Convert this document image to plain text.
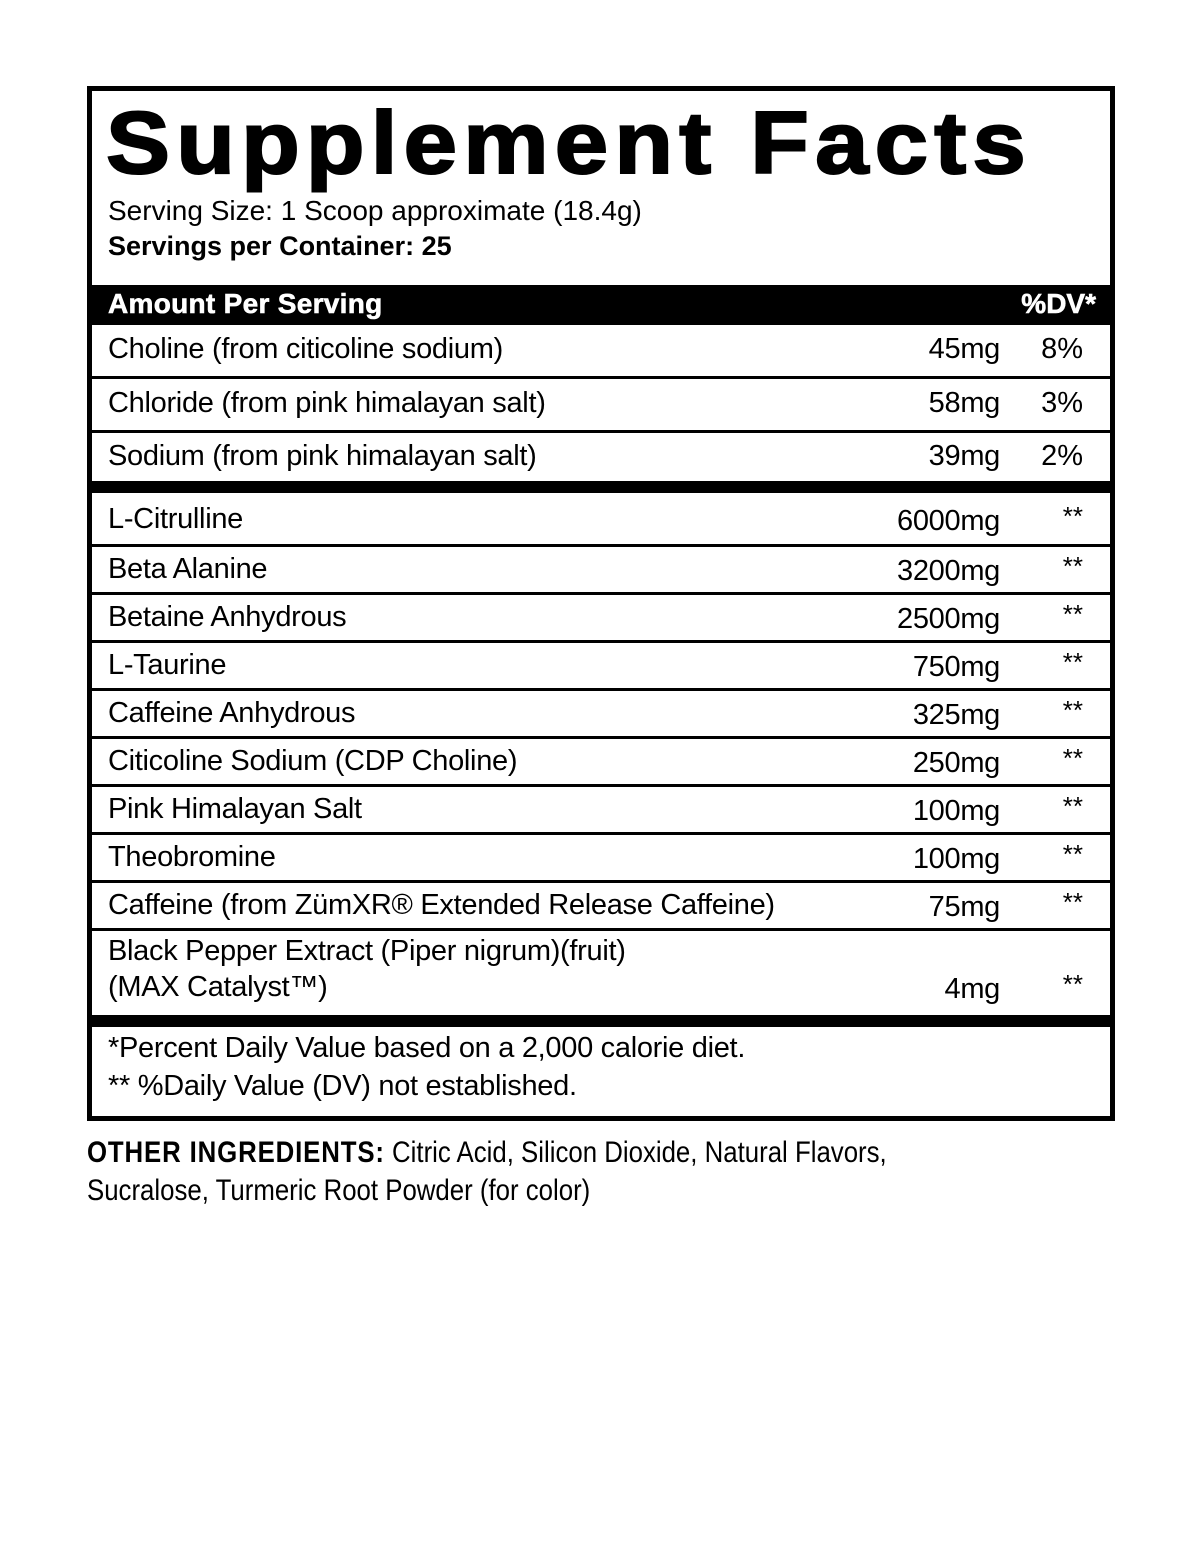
Supplement Facts
Serving Size: 1 Scoop approximate (18.4g)
Servings per Container: 25
Amount Per Serving	%DV*
Choline (from citicoline sodium)	45mg 8%
Chloride (from pink himalayan salt)	58mg 3%
Sodium (from pink himalayan salt)	39mg 2%
L-Citrulline	6000mg **
Beta Alanine	3200mg **
Betaine Anhydrous	2500mg **
L-Taurine	750mg **
Caffeine Anhydrous	325mg **
Citicoline Sodium (CDP Choline)	250mg **
Pink Himalayan Salt	100mg **
Theobromine	100mg **
Caffeine (from ZümXR® Extended Release Caffeine)	75mg **
Black Pepper Extract (Piper nigrum)(fruit)
(MAX Catalyst™)	4mg **
*Percent Daily Value based on a 2,000 calorie diet.
** %Daily Value (DV) not established.
OTHER INGREDIENTS: Citric Acid, Silicon Dioxide, Natural Flavors,
Sucralose, Turmeric Root Powder (for color)
